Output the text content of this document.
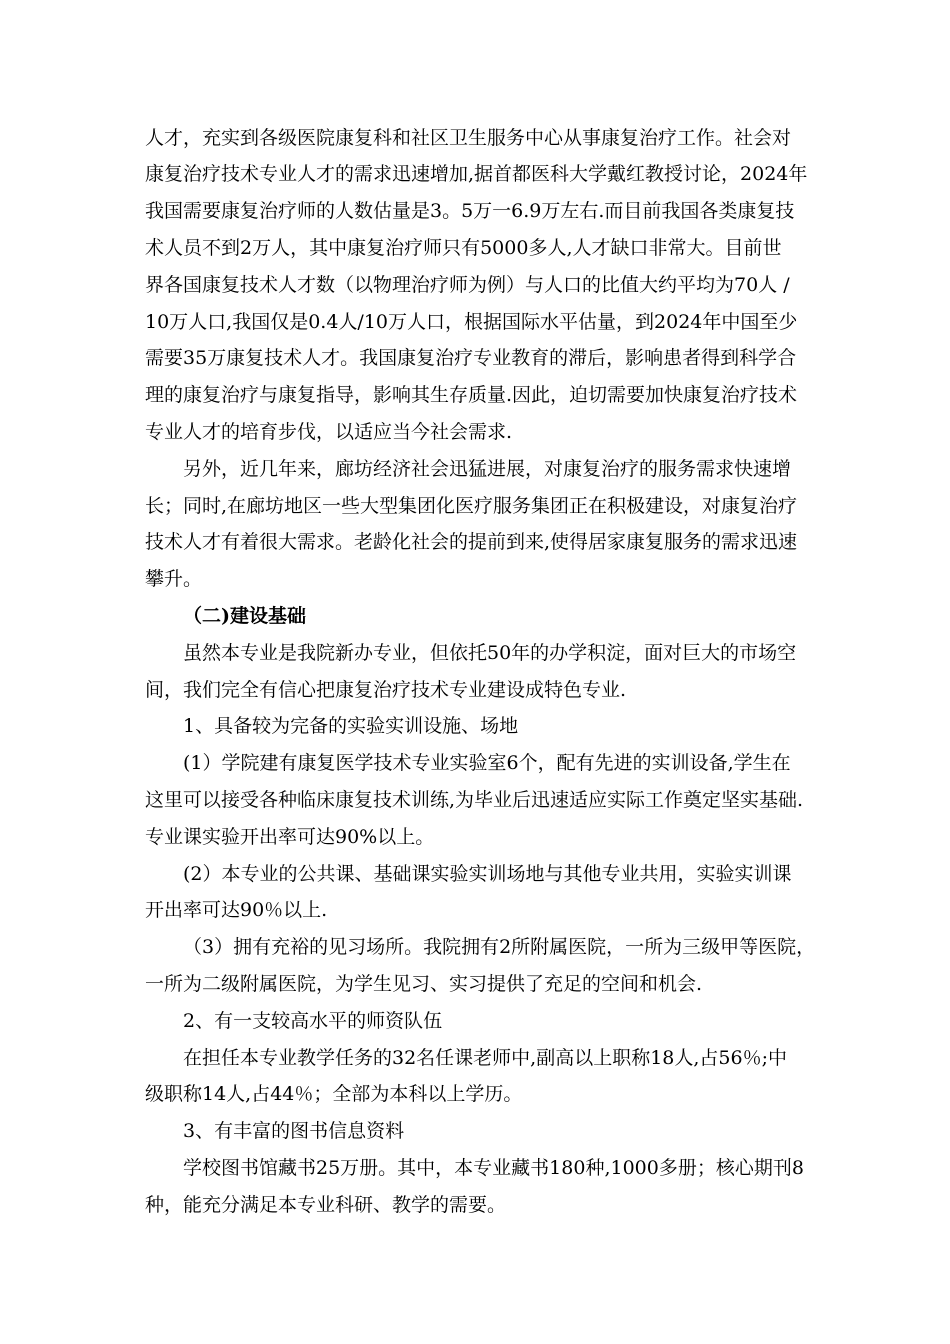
人才，充实到各级医院康复科和社区卫生服务中心从事康复治疗工作。社会对
康复治疗技术专业人才的需求迅速增加,据首都医科大学戴红教授讨论，2024年
我国需要康复治疗师的人数估量是3。5万一6.9万左右.而目前我国各类康复技
术人员不到2万人，其中康复治疗师只有5000多人,人才缺口非常大。目前世
界各国康复技术人才数（以物理治疗师为例）与人口的比值大约平均为70人 /
10万人口,我国仅是0.4人/10万人口，根据国际水平估量，到2024年中国至少
需要35万康复技术人才。我国康复治疗专业教育的滞后，影响患者得到科学合
理的康复治疗与康复指导，影响其生存质量.因此，迫切需要加快康复治疗技术
专业人才的培育步伐，以适应当今社会需求.
另外，近几年来，廊坊经济社会迅猛进展，对康复治疗的服务需求快速增
长；同时,在廊坊地区一些大型集团化医疗服务集团正在积极建设，对康复治疗
技术人才有着很大需求。老龄化社会的提前到来,使得居家康复服务的需求迅速
攀升。
（二)建设基础
虽然本专业是我院新办专业，但依托50年的办学积淀，面对巨大的市场空
间，我们完全有信心把康复治疗技术专业建设成特色专业.
1、具备较为完备的实验实训设施、场地
(1）学院建有康复医学技术专业实验室6个，配有先进的实训设备,学生在
这里可以接受各种临床康复技术训练,为毕业后迅速适应实际工作奠定坚实基础.
专业课实验开出率可达90%以上。
(2）本专业的公共课、基础课实验实训场地与其他专业共用，实验实训课
开出率可达90％以上.
（3）拥有充裕的见习场所。我院拥有2所附属医院，一所为三级甲等医院，
一所为二级附属医院，为学生见习、实习提供了充足的空间和机会.
2、有一支较高水平的师资队伍
在担任本专业教学任务的32名任课老师中,副高以上职称18人,占56％;中
级职称14人,占44％；全部为本科以上学历。
3、有丰富的图书信息资料
学校图书馆藏书25万册。其中，本专业藏书180种,1000多册；核心期刊8
种，能充分满足本专业科研、教学的需要。
